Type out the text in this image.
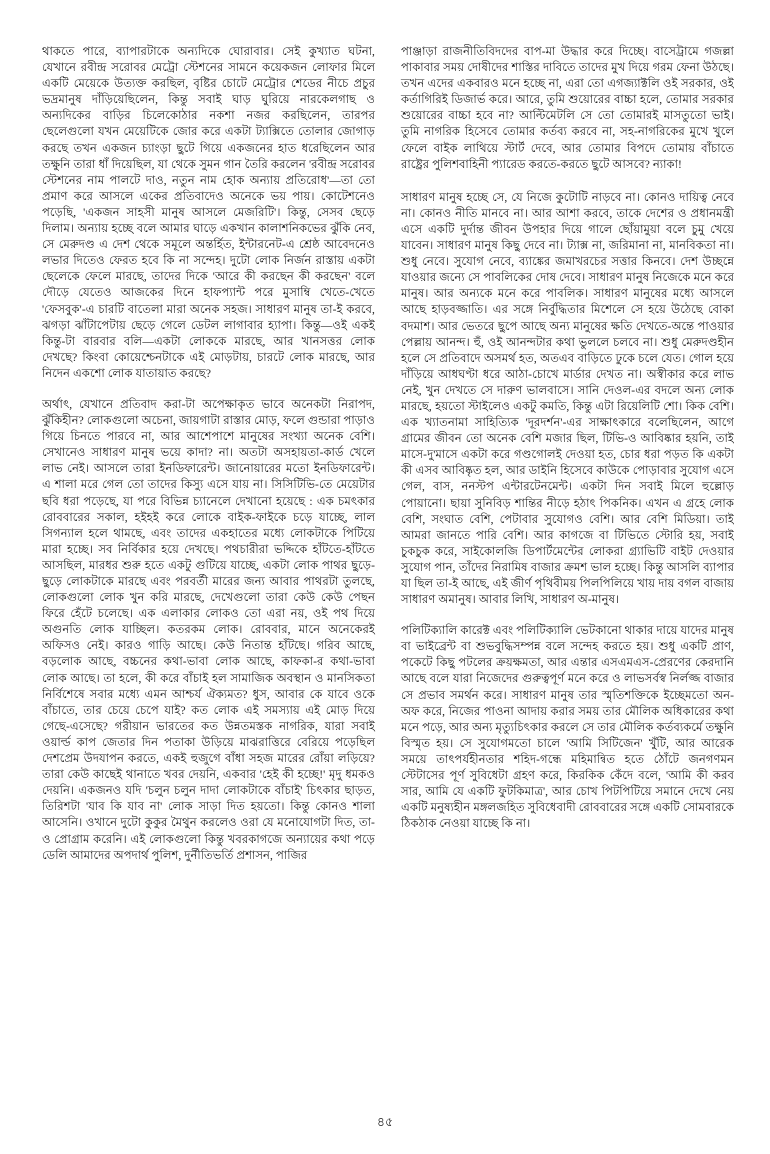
থাকতে পারে, ব্যাপারটাকে অন্যদিকে ঘোরাবার। সেই কুখ্যাত ঘটনা, যেখানে রবীন্দ্র সরোবর মেট্রো স্টেশনের সামনে কয়েকজন লোফার মিলে একটি মেয়েকে উত্যক্ত করছিল, বৃষ্টির চোটে মেট্রোর শেডের নীচে প্রচুর ভদ্রমানুষ দাঁড়িয়েছিলেন, কিন্তু সবাই ঘাড় ঘুরিয়ে নারকেলগাছ ও অন্যদিকের বাড়ির চিলেকোঠার নকশা নজর করছিলেন, তারপর ছেলেগুলো যখন মেয়েটিকে জোর করে একটা ট্যাক্সিতে তোলার জোগাড় করছে তখন একজন চ্যাংড়া ছুটে গিয়ে একজনের হাত ধরেছিলেন আর তক্ষুনি তারা ধাঁ দিয়েছিল, যা থেকে সুমন গান তৈরি করলেন 'রবীন্দ্র সরোবর স্টেশনের নাম পালটে দাও, নতুন নাম হোক অন্যায় প্রতিরোধ'—তা তো প্রমাণ করে আসলে একের প্রতিবাদেও অনেকে ভয় পায়। কোটেশনেও পড়েছি, 'একজন সাহসী মানুষ আসলে মেজরিটি'। কিন্তু, সেসব ছেড়ে দিলাম। অন্যায় হচ্ছে বলে আমার ঘাড়ে একখান কালাশনিকভের ঝুঁকি নেব, সে মেরুদণ্ড এ দেশ থেকে সমূলে অন্তর্হিত, ইন্টারনেট-এ শ্রেষ্ঠ আবেদনেও লভার দিতেও ফেরত হবে কি না সন্দেহ। দুটো লোক নির্জন রাস্তায় একটা ছেলেকে ফেলে মারছে, তাদের দিকে 'আরে কী করছেন কী করছেন' বলে দৌড়ে যেতেও আজকের দিনে হাফপ্যান্ট পরে মুসাম্বি খেতে-খেতে 'ফেসবুক'-এ চারটি বাতেলা মারা অনেক সহজ। সাধারণ মানুষ তা-ই করবে, ঝগড়া ঝাঁটাপেটায় ছেড়ে গেলে ডেটল লাগাবার হ্যাপা। কিন্তু—ওই একই কিন্তু-টা বারবার বলি—একটা লোককে মারছে, আর খানসত্তর লোক দেখছে? কিংবা কোয়েশ্চেনটাকে এই মোড়টায়, চারটে লোক মারছে, আর নিদেন একশো লোক যাতায়াত করছে?

অর্থাৎ, যেখানে প্রতিবাদ করা-টা অপেক্ষাকৃত ভাবে অনেকটা নিরাপদ, ঝুঁকিহীন? লোকগুলো অচেনা, জায়গাটা রাস্তার মোড়, ফলে গুন্ডারা পাড়াও গিয়ে চিনতে পারবে না, আর আশেপাশে মানুষের সংখ্যা অনেক বেশি। সেখানেও সাধারণ মানুষ ভয়ে কাদা? না। অতটা অসহায়তা-কার্ড খেলে লাভ নেই। আসলে তারা ইনডিফারেন্ট। জানোয়ারের মতো ইনডিফারেন্ট। এ শালা মরে গেল তো তাদের কিস্যু এসে যায় না। সিসিটিভি-তে মেয়েটার ছবি ধরা পড়েছে, যা পরে বিভিন্ন চ্যানেলে দেখানো হয়েছে : এক চমৎকার রোববারের সকাল, হইহই করে লোকে বাইক-ফাইকে চড়ে যাচ্ছে, লাল সিগন্যাল হলে থামছে, এবং তাদের একহাতের মধ্যে লোকটাকে পিটিয়ে মারা হচ্ছে। সব নির্বিকার হয়ে দেখছে। পথচারীরা ভদ্দিকে হাঁটতে-হাঁটতে আসছিল, মারধর শুরু হতে একটু গুটিয়ে যাচ্ছে, একটা লোক পাথর ছুড়ে-ছুড়ে লোকটাকে মারছে এবং পরবর্তী মারের জন্য আবার পাথরটা তুলছে, লোকগুলো লোক খুন করি মারছে, দেখেগুলো তারা কেউ কেউ পেছন ফিরে হেঁটে চলেছে। এক এলাকার লোকও তো এরা নয়, ওই পথ দিয়ে অগুনতি লোক যাচ্ছিল। কতরকম লোক। রোববার, মানে অনেকেরই অফিসও নেই। কারও গাড়ি আছে। কেউ নিতান্ত হাঁটছে। গরিব আছে, বড়লোক আছে, বচ্চনের কথা-ভাবা লোক আছে, কাফকা-র কথা-ভাবা লোক আছে। তা হলে, কী করে বাঁচাই হল সামাজিক অবস্থান ও মানসিকতা নির্বিশেষে সবার মধ্যে এমন আশ্চর্য ঐক্যমত? ধুস, আবার কে যাবে ওকে বাঁচাতে, তার চেয়ে চেপে যাই? কত লোক এই সমস্যায় এই মোড় দিয়ে গেছে-এসেছে? গরীয়ান ভারতের কত উন্নতমস্তক নাগরিক, যারা সবাই ওয়ার্ল্ড কাপ জেতার দিন পতাকা উড়িয়ে মাঝরাত্তিরে বেরিয়ে পড়েছিল দেশপ্রেম উদযাপন করতে, একই হুজুগে বাঁধা সহজ মারের রোঁয়া লড়িয়ে? তারা কেউ কাছেই থানাতে খবর দেয়নি, একবার 'হেই কী হচ্ছে!' মৃদু ধমকও দেয়নি। একজনও যদি 'চলুন চলুন দাদা লোকটাকে বাঁচাই' চিৎকার ছাড়ত, তিরিশটা 'যাব কি যাব না' লোক সাড়া দিত হয়তো। কিন্তু কোনও শালা আসেনি। ওখানে দুটো কুকুর মৈথুন করলেও ওরা যে মনোযোগটা দিত, তা-ও প্রোগ্রাম করেনি। এই লোকগুলো কিন্তু খবরকাগজে অন্যায়ের কথা পড়ে ডেলি আমাদের অপদার্থ পুলিশ, দুর্নীতিভর্তি প্রশাসন, পাজির

পাঞ্জাড়া রাজনীতিবিদদের বাপ-মা উদ্ধার করে দিচ্ছে। বাসেট্রামে গজল্লা পাকাবার সময় দোষীদের শাস্তির দাবিতে তাদের মুখ দিয়ে গরম ফেনা উঠছে। তখন এদের একবারও মনে হচ্ছে না, এরা তো এগজ্যাক্টলি ওই সরকার, ওই কর্তাগিরিই ডিজার্ভ করে। আরে, তুমি শুয়োরের বাচ্চা হলে, তোমার সরকার শুয়োরের বাচ্চা হবে না? আল্টিমেটলি সে তো তোমারই মাসতুতো ভাই। তুমি নাগরিক হিসেবে তোমার কর্তব্য করবে না, সহ-নাগরিকের মুখে খুলে ফেলে বাইক লাথিয়ে স্টার্ট দেবে, আর তোমার বিপদে তোমায় বাঁচাতে রাষ্ট্রের পুলিশবাহিনী প্যারেড করতে-করতে ছুটে আসবে? ন্যাকা!

সাধারণ মানুষ হচ্ছে সে, যে নিজে কুটোটি নাড়বে না। কোনও দায়িত্ব নেবে না। কোনও নীতি মানবে না। আর আশা করবে, তাকে দেশের ও প্রধানমন্ত্রী এসে একটি দুর্দান্ত জীবন উপহার দিয়ে গালে ছোঁয়ামুয়া বলে চুমু খেয়ে যাবেন। সাধারণ মানুষ কিছু দেবে না। ট্যাক্স না, জরিমানা না, মানবিকতা না। শুধু নেবে। সুযোগ নেবে, ব্যাঙ্কের জমাখরচের সত্তার কিনবে। দেশ উচ্ছন্নে যাওয়ার জন্যে সে পাবলিকের দোষ দেবে। সাধারণ মানুষ নিজেকে মনে করে মানুষ। আর অন্যকে মনে করে পাবলিক। সাধারণ মানুষের মধ্যে আসলে আছে হাড়বজ্জাতি। এর সঙ্গে নির্বুদ্ধিতার মিশেলে সে হয়ে উঠেছে বোকা বদমাশ। আর ভেতরে ছুপে আছে অন্য মানুষের ক্ষতি দেখতে-অন্তে পাওয়ার পেল্লায় আনন্দ। হুঁ, ওই আনন্দটার কথা ভুললে চলবে না। শুধু মেরুদণ্ডহীন হলে সে প্রতিবাদে অসমর্থ হত, অতএব বাড়িতে ঢুকে চলে যেত। গোল হয়ে দাঁড়িয়ে আধঘণ্টা ধরে আঠা-চোখে মার্ডার দেখত না। অস্বীকার করে লাভ নেই, খুন দেখতে সে দারুণ ভালবাসে। সানি দেওল-এর বদলে অন্য লোক মারছে, হয়তো স্টাইলেও একটু কমতি, কিন্তু এটা রিয়েলিটি শো। কিক বেশি। এক খ্যাতনামা সাহিত্যিক 'দূরদর্শন'-এর সাক্ষাৎকারে বলেছিলেন, আগে গ্রামের জীবন তো অনেক বেশি মজার ছিল, টিভি-ও আবিষ্কার হয়নি, তাই মাসে-দু'মাসে একটা করে গণ্ডগোলই দেওয়া হত, চোর ধরা পড়ত কি একটা কী এসব আবিষ্কৃত হল, আর ডাইনি হিসেবে কাউকে পোড়াবার সুযোগ এসে গেল, বাস, ননস্টপ এন্টারটেনমেন্ট। একটা দিন সবাই মিলে হুল্লোড় পোয়ানো। ছায়া সুনিবিড় শান্তির নীড়ে হঠাৎ পিকনিক। এখন এ গ্রহে লোক বেশি, সংঘাত বেশি, পেটাবার সুযোগও বেশি। আর বেশি মিডিয়া। তাই আমরা জানতে পারি বেশি। আর কাগজে বা টিভিতে স্টোরি হয়, সবাই চুকচুক করে, সাইকোলজি ডিপার্টমেন্টের লোকরা গ্র্যাভিটি বাইট দেওয়ার সুযোগ পান, তাঁদের নিরামিষ বাজার ক্রমশ ভাল হচ্ছে। কিন্তু আসলি ব্যাপার যা ছিল তা-ই আছে, এই জীর্ণ পৃথিবীময় পিলপিলিয়ে খায় দায় বগল বাজায় সাধারণ অমানুষ। আবার লিখি, সাধারণ অ-মানুষ।

পলিটিক্যালি কারেক্ট এবং পলিটিক্যালি ভেটকানো থাকার দায়ে যাদের মানুষ বা ভাইব্রেন্ট বা শুভবুদ্ধিসম্পন্ন বলে সন্দেহ করতে হয়। শুধু একটি প্রাণ, পকেটে কিছু পটলের ক্রয়ক্ষমতা, আর এন্তার এসএমএস-প্রেরণের কেরদানি আছে বলে যারা নিজেদের গুরুত্বপূর্ণ মনে করে ও লাভসর্বস্ব নির্লজ্জ বাজার সে প্রভাব সমর্থন করে। সাধারণ মানুষ তার স্মৃতিশক্তিকে ইচ্ছেমতো অন-অফ করে, নিজের পাওনা আদায় করার সময় তার মৌলিক অধিকারের কথা মনে পড়ে, আর অন্য মৃত্যুচিৎকার করলে সে তার মৌলিক কর্তব্যকর্মে তক্ষুনি বিস্মৃত হয়। সে সুযোগমতো চালে 'আমি সিটিজেন' খুঁটি, আর আরেক সময়ে তাৎপর্যহীনতার শহিদ-গন্ধে মহিমান্বিত হতে ঠোঁটে জনগণমন স্টেটাসের পূর্ণ সুবিধেটা গ্রহণ করে, কিরকিক কেঁদে বলে, 'আমি কী করব সার, আমি যে একটি ফুটকিমাত্র', আর চোখ পিটপিটিয়ে সমানে দেখে নেয় একটি মনুষ্যহীন মঙ্গলজহিত সুবিধেবাদী রোববারের সঙ্গে একটি সোমবারকে ঠিকঠাক নেওয়া যাচ্ছে কি না।

৪৫
